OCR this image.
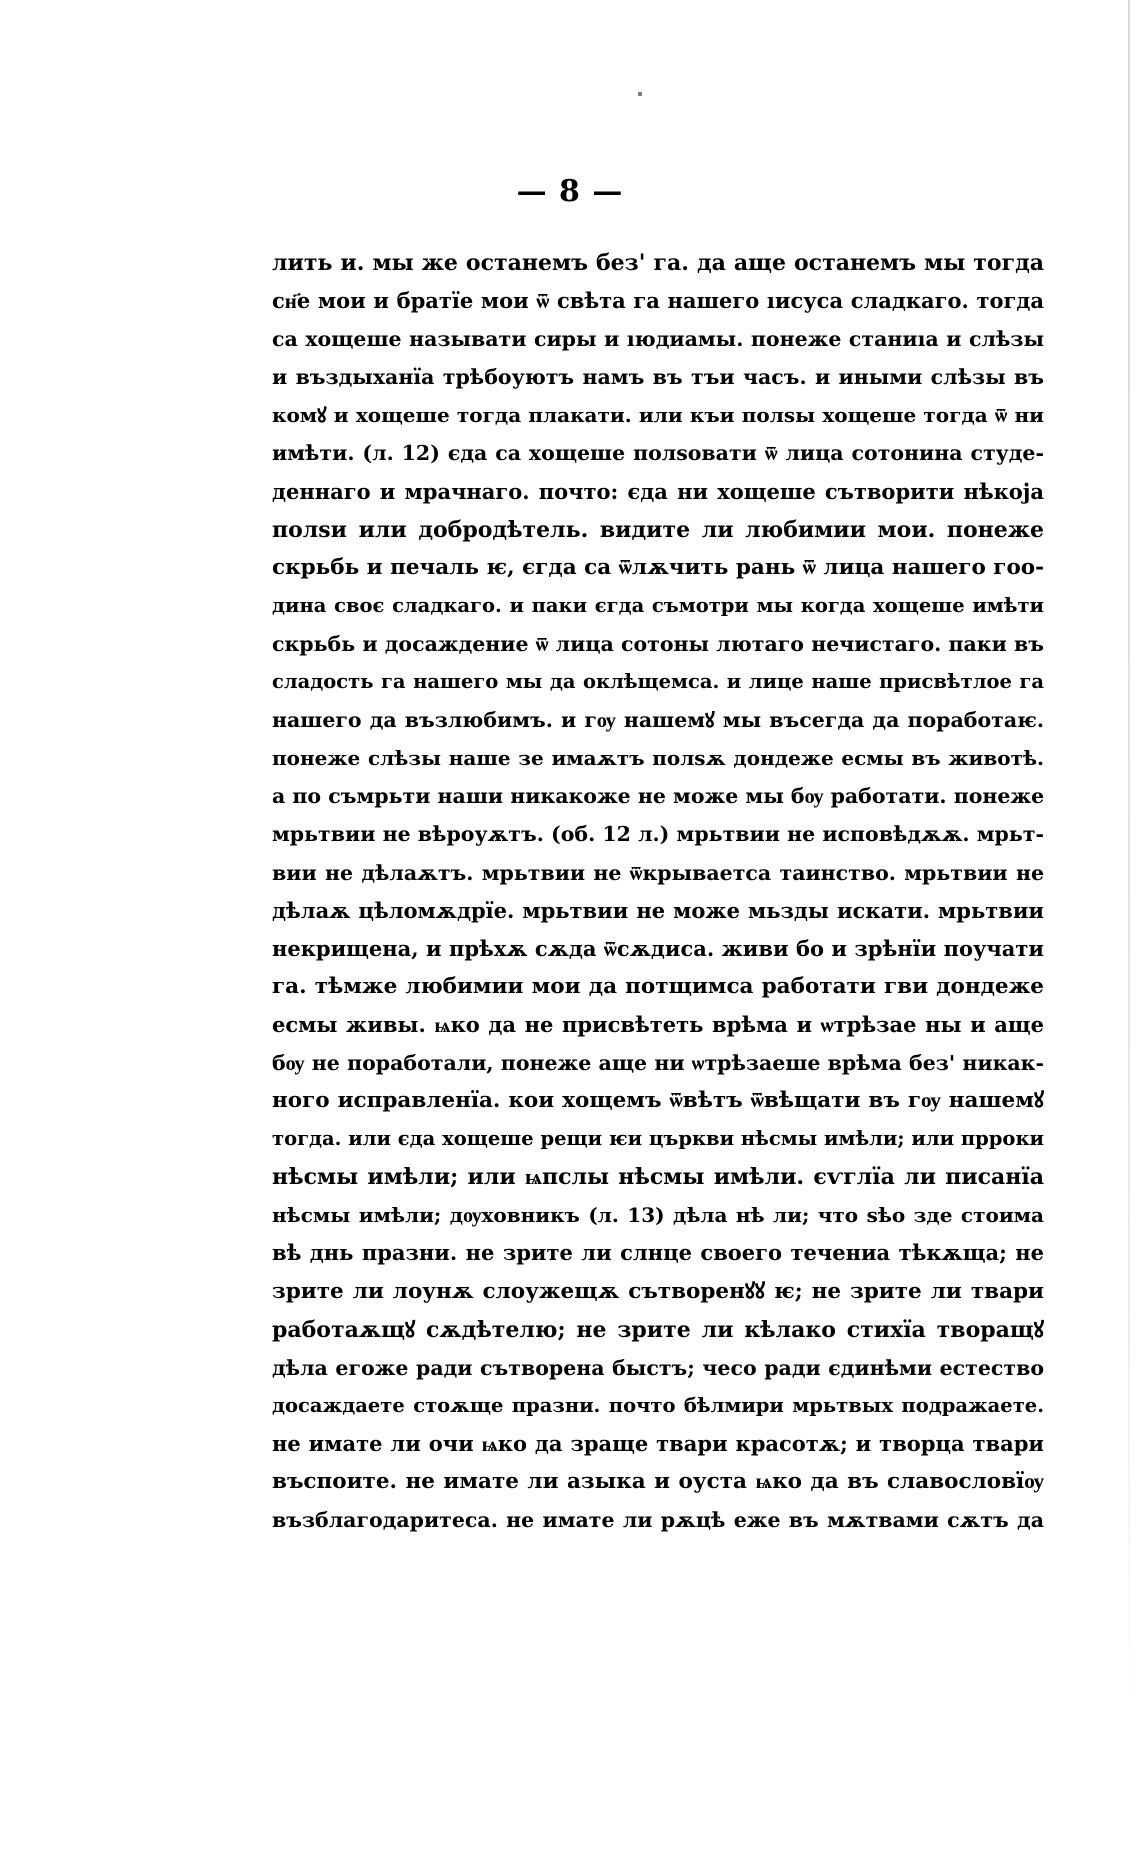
— 8 —
лить и. мы же останемъ без' га. да аще останемъ мы тогда
сн҃е мои и братïе мои ѿ свѣта га нашего ıисуса сладкаго. тогда
са хощеше называти сиры и ıюдиамы. понеже станиıа и слѣзы
и въздыханïа трѣбоуютъ намъ въ тъи часъ. и иными слѣзы въ
комꙋ и хощеше тогда плакати. или къи полѕы хощеше тогда ѿ ни
имѣти. (л. 12) єда са хощеше полѕовати ѿ лица сотонина студе-
деннаго и мрачнаго. почто: єда ни хощеше сътворити нѣкоја
полѕи или добродѣтель. видите ли любимии мои. понеже
скрьбь и печаль ѥ, єгда са ѿлѫчить рань ѿ лица нашего гоо-
дина своє сладкаго. и паки єгда съмотри мы когда хощеше имѣти
скрьбь и досаждение ѿ лица сотоны лютаго нечистаго. паки въ
сладость га нашего мы да оклѣщемса. и лице наше присвѣтлое га
нашего да възлюбимъ. и гѹ нашемꙋ мы въсегда да поработаѥ.
понеже слѣзы наше зе имаѫтъ полѕѫ дондеже есмы въ животѣ.
а по съмрьти наши никакоже не може мы бѹ работати. понеже
мрьтвии не вѣроуѫтъ. (об. 12 л.) мрьтвии не исповѣдѫѫ. мрьт-
вии не дѣлаѫтъ. мрьтвии не ѿкрываетса таинство. мрьтвии не
дѣлаѫ цѣломѫдрïе. мрьтвии не може мьзды искати. мрьтвии
некрищена, и прѣхѫ сѫда ѿсѫдиса. живи бо и зрѣнïи поучати
га. тѣмже любимии мои да потщимса работати гви дондеже
есмы живы. ѩко да не присвѣтеть врѣма и ѡтрѣзае ны и аще
бѹ не поработали, понеже аще ни ѡтрѣзаеше врѣма без' никак-
ного исправленïа. кои хощемъ ѿвѣтъ ѿвѣщати въ гѹ нашемꙋ
тогда. или єда хощеше рещи ѥи църкви нѣсмы имѣли; или прроки
нѣсмы имѣли; или ѩпслы нѣсмы имѣли. єѵглїа ли писанїа
нѣсмы имѣли; дѹховникъ (л. 13) дѣла нѣ ли; что ѕѣо зде стоима
вѣ днь празни. не зрите ли слнце своего течениа тѣкѫща; не
зрите ли лоунѫ слоужещѫ сътворенꙋꙋ ѥ; не зрите ли твари
работаѫщꙋ сѫдѣтелю; не зрите ли кѣлако стихїа творащꙋ
дѣла егоже ради сътворена быстъ; чесо ради єдинѣми естество
досаждаете стоѫще празни. почто бѣлмири мрьтвых подражаете.
не имате ли очи ѩко да зраще твари красотѫ; и творца твари
въспоите. не имате ли азыка и оуста ѩко да въ славословїѹ
възблагодаритеса. не имате ли рѫцѣ еже въ мѫтвами сѫтъ да
